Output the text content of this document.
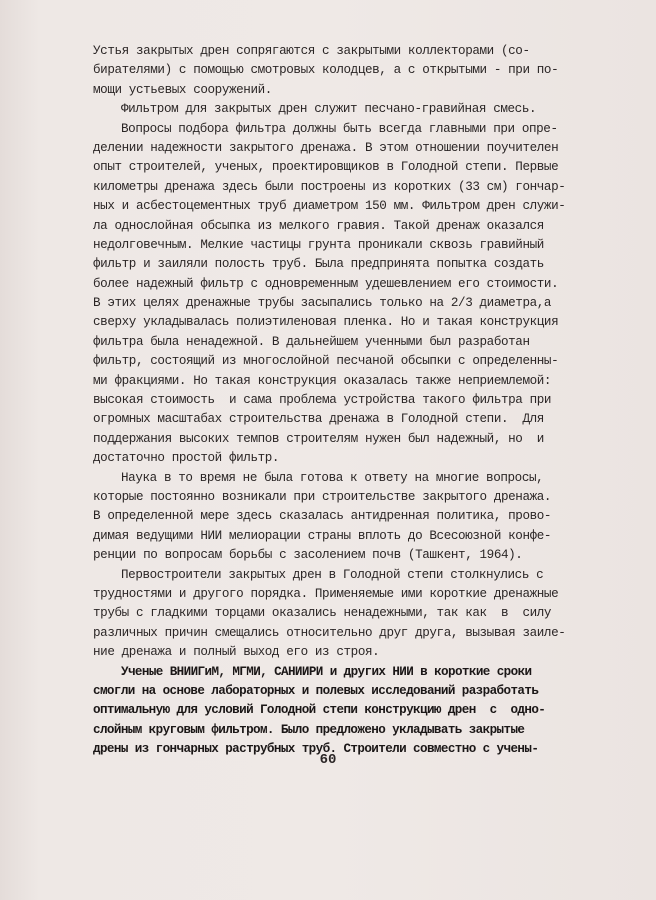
Устья закрытых дрен сопрягаются с закрытыми коллекторами (со-
бирателями) с помощью смотровых колодцев, а с открытыми - при по-
мощи устьевых сооружений.
Фильтром для закрытых дрен служит песчано-гравийная смесь.
Вопросы подбора фильтра должны быть всегда главными при опре-
делении надежности закрытого дренажа. В этом отношении поучителен
опыт строителей, ученых, проектировщиков в Голодной степи. Первые
километры дренажа здесь были построены из коротких (33 см) гончар-
ных и асбестоцементных труб диаметром 150 мм. Фильтром дрен служи-
ла однослойная обсыпка из мелкого гравия. Такой дренаж оказался
недолговечным. Мелкие частицы грунта проникали сквозь гравийный
фильтр и заиляли полость труб. Была предпринята попытка создать
более надежный фильтр с одновременным удешевлением его стоимости.
В этих целях дренажные трубы засыпались только на 2/3 диаметра,а
сверху укладывалась полиэтиленовая пленка. Но и такая конструкция
фильтра была ненадежной. В дальнейшем ученными был разработан
фильтр, состоящий из многослойной песчаной обсыпки с определенны-
ми фракциями. Но такая конструкция оказалась также неприемлемой:
высокая стоимость  и сама проблема устройства такого фильтра при
огромных масштабах строительства дренажа в Голодной степи.  Для
поддержания высоких темпов строителям нужен был надежный, но  и
достаточно простой фильтр.
Наука в то время не была готова к ответу на многие вопросы,
которые постоянно возникали при строительстве закрытого дренажа.
В определенной мере здесь сказалась антидренная политика, прово-
димая ведущими НИИ мелиорации страны вплоть до Всесоюзной конфе-
ренции по вопросам борьбы с засолением почв (Ташкент, 1964).
Первостроители закрытых дрен в Голодной степи столкнулись с
трудностями и другого порядка. Применяемые ими короткие дренажные
трубы с гладкими торцами оказались ненадежными, так как  в  силу
различных причин смещались относительно друг друга, вызывая заиле-
ние дренажа и полный выход его из строя.
Ученые ВНИИГиМ, МГМИ, САНИИРИ и других НИИ в короткие сроки
смогли на основе лабораторных и полевых исследований разработать
оптимальную для условий Голодной степи конструкцию дрен  с  одно-
слойным круговым фильтром. Было предложено укладывать закрытые
дрены из гончарных раструбных труб. Строители совместно с учены-
60
